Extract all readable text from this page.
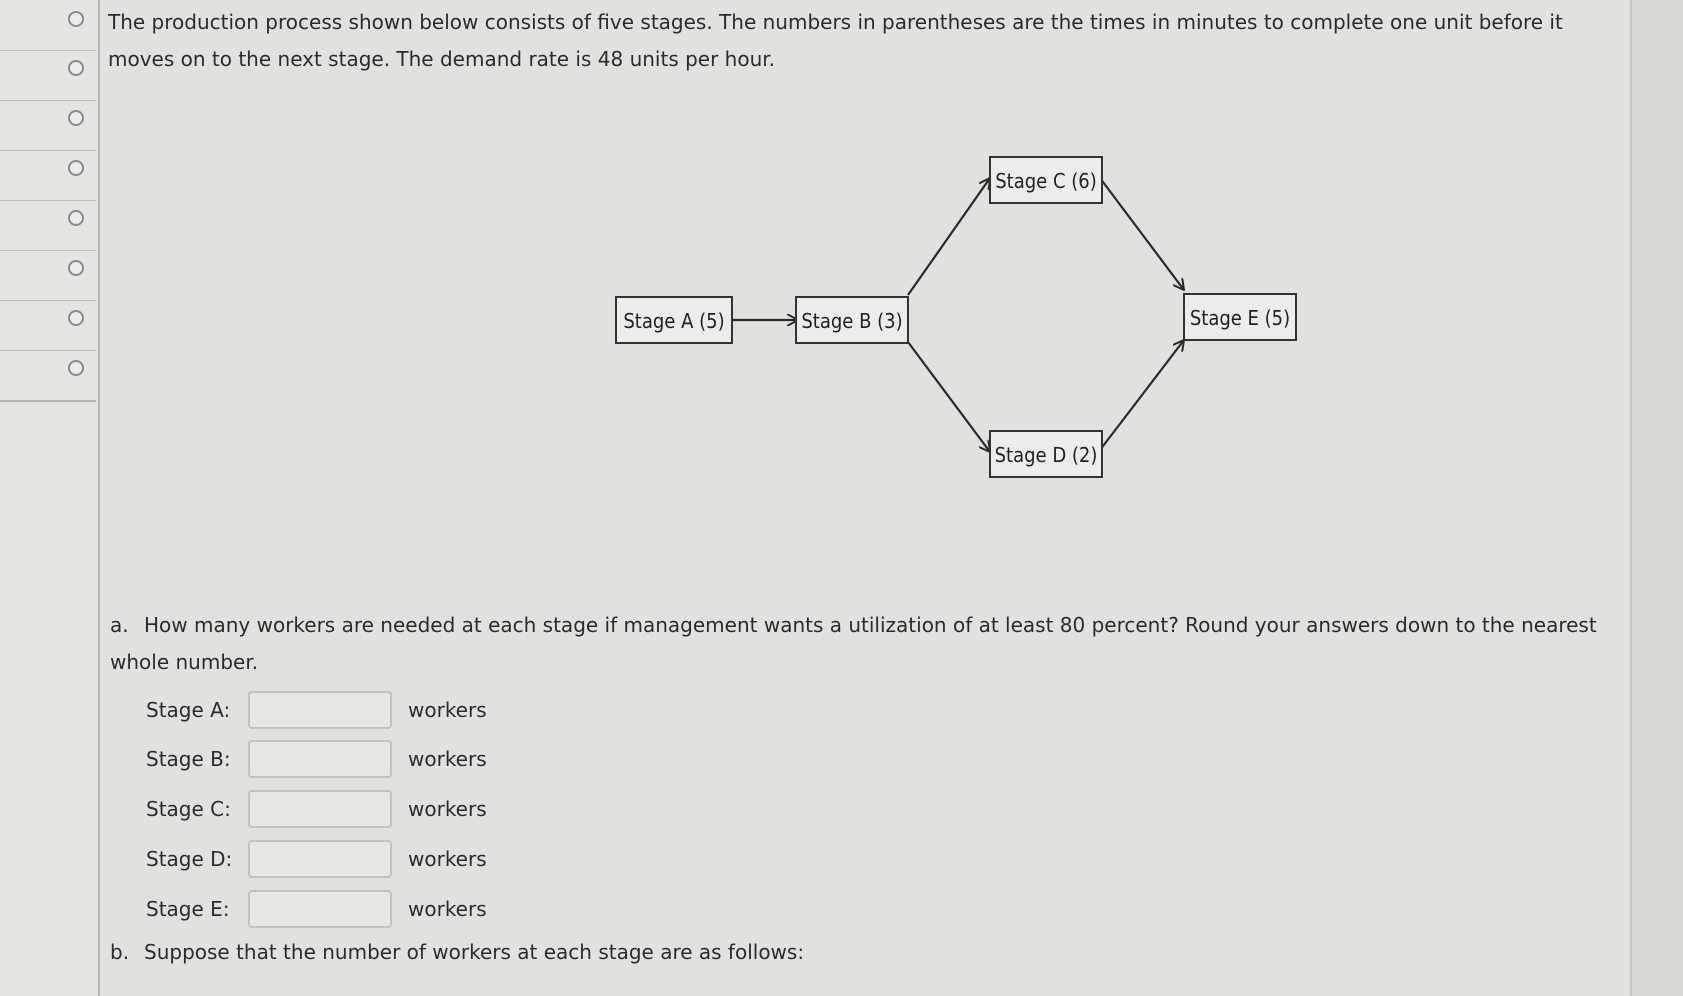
The production process shown below consists of five stages. The numbers in parentheses are the times in minutes to complete one unit before it moves on to the next stage. The demand rate is 48 units per hour.

Stage A (5)	Stage B (3)
Stage C (6)
Stage D (2)
Stage E (5)

a. How many workers are needed at each stage if management wants a utilization of at least 80 percent? Round your answers down to the nearest whole number.

Stage A:	workers
Stage B:	workers
Stage C:	workers
Stage D:	workers
Stage E:	workers

b. Suppose that the number of workers at each stage are as follows:
